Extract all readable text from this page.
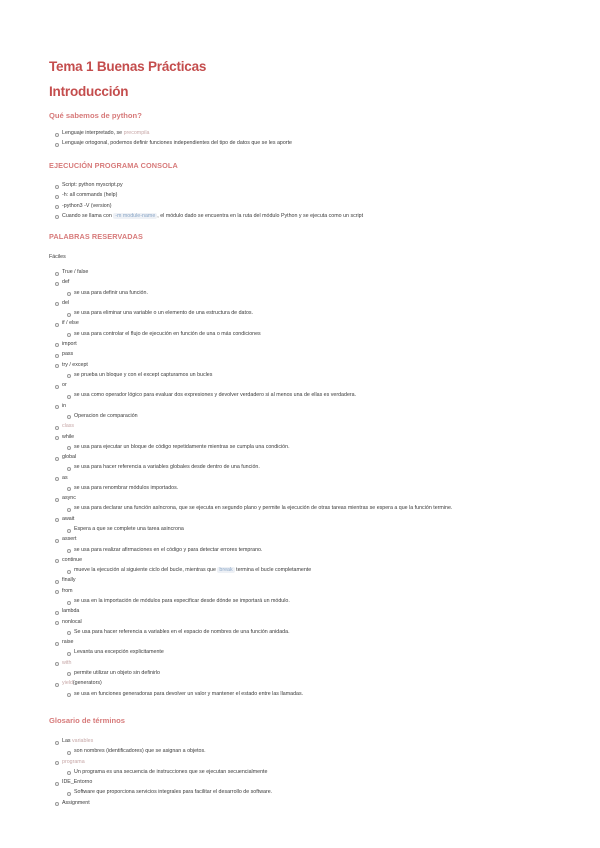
Tema 1 Buenas Prácticas
Introducción
Qué sabemos de python?
Lenguaje interpretado, se precompila
Lenguaje ortogonal, podemos definir funciones independientes del tipo de datos que se les aporte
EJECUCIÓN PROGRAMA CONSOLA
Script: python myscript.py
-h: all commands (help)
-python3 -V (version)
Cuando se llama con -m module-name , el módulo dado se encuentra en la ruta del módulo Python y se ejecuta como un script
PALABRAS RESERVADAS
Fáciles
True / false
def
se usa para definir una función.
del
se usa para eliminar una variable o un elemento de una estructura de datos.
if / else
se usa para controlar el flujo de ejecución en función de una o más condiciones
import
pass
try / except
se prueba un bloque y con el except capturamos un bucles
or
se usa como operador lógico para evaluar dos expresiones y devolver verdadero si al menos una de ellas es verdadera.
in
Operacion de comparación
class
while
se usa para ejecutar un bloque de código repetidamente mientras se cumpla una condición.
global
se usa para hacer referencia a variables globales desde dentro de una función.
as
se usa para renombrar módulos importados.
async
se usa para declarar una función asíncrona, que se ejecuta en segundo plano y permite la ejecución de otras tareas mientras se espera a que la función termine.
await
Espera a que se complete una tarea asincrona
assert
se usa para realizar afirmaciones en el código y para detectar errores temprano.
continue
mueve la ejecución al siguiente ciclo del bucle, mientras que break termina el bucle completamente
finally
from
se usa en la importación de módulos para especificar desde dónde se importará un módulo.
lambda
nonlocal
Se usa para hacer referencia a variables en el espacio de nombres de una función anidada.
raise
Levanta una excepción explicitamente
with
permite utilizar un objeto sin definirlo
yield(generators)
se usa en funciones generadoras para devolver un valor y mantener el estado entre las llamadas.
Glosario de términos
Las variables
son nombres (identificadores) que se asignan a objetos.
programa
Un programa es una secuencia de instrucciones que se ejecutan secuencialmente
IDE_Entorno
Software que proporciona servicios integrales para facilitar el desarrollo de software.
Assignment
